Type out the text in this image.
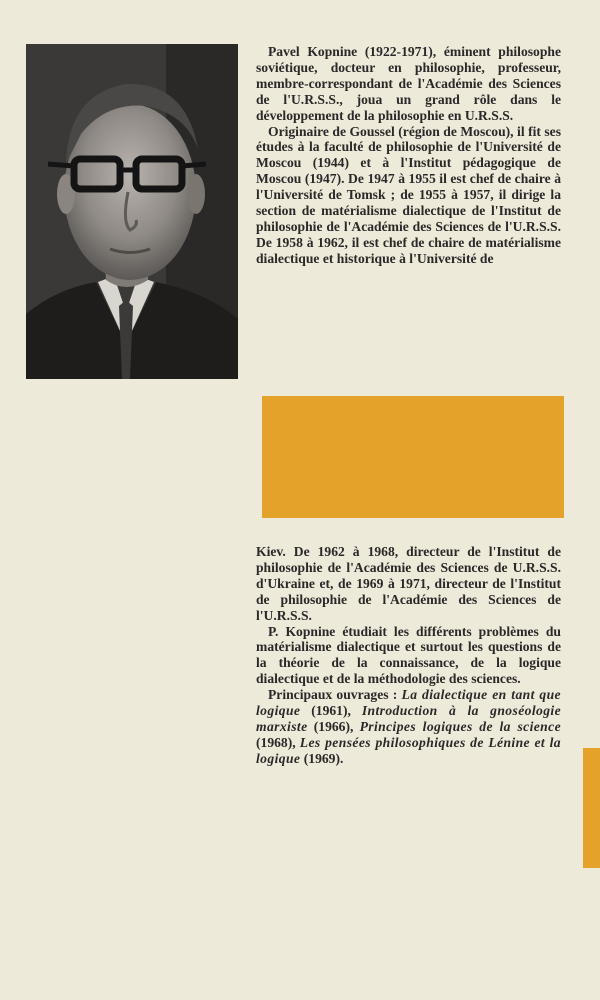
Pavel Kopnine (1922-1971), éminent philosophe soviétique, docteur en philosophie, professeur, membre-correspondant de l'Académie des Sciences de l'U.R.S.S., joua un grand rôle dans le développement de la philosophie en U.R.S.S.

Originaire de Goussel (région de Moscou), il fit ses études à la faculté de philosophie de l'Université de Moscou (1944) et à l'Institut pédagogique de Moscou (1947). De 1947 à 1955 il est chef de chaire à l'Université de Tomsk ; de 1955 à 1957, il dirige la section de matérialisme dialectique de l'Institut de philosophie de l'Académie des Sciences de l'U.R.S.S. De 1958 à 1962, il est chef de chaire de matérialisme dialectique et historique à l'Université de

Kiev. De 1962 à 1968, directeur de l'Institut de philosophie de l'Académie des Sciences de U.R.S.S. d'Ukraine et, de 1969 à 1971, directeur de l'Institut de philosophie de l'Académie des Sciences de l'U.R.S.S.

P. Kopnine étudiait les différents problèmes du matérialisme dialectique et surtout les questions de la théorie de la connaissance, de la logique dialectique et de la méthodologie des sciences.

Principaux ouvrages : La dialectique en tant que logique (1961), Introduction à la gnoséologie marxiste (1966), Principes logiques de la science (1968), Les pensées philosophiques de Lénine et la logique (1969).
